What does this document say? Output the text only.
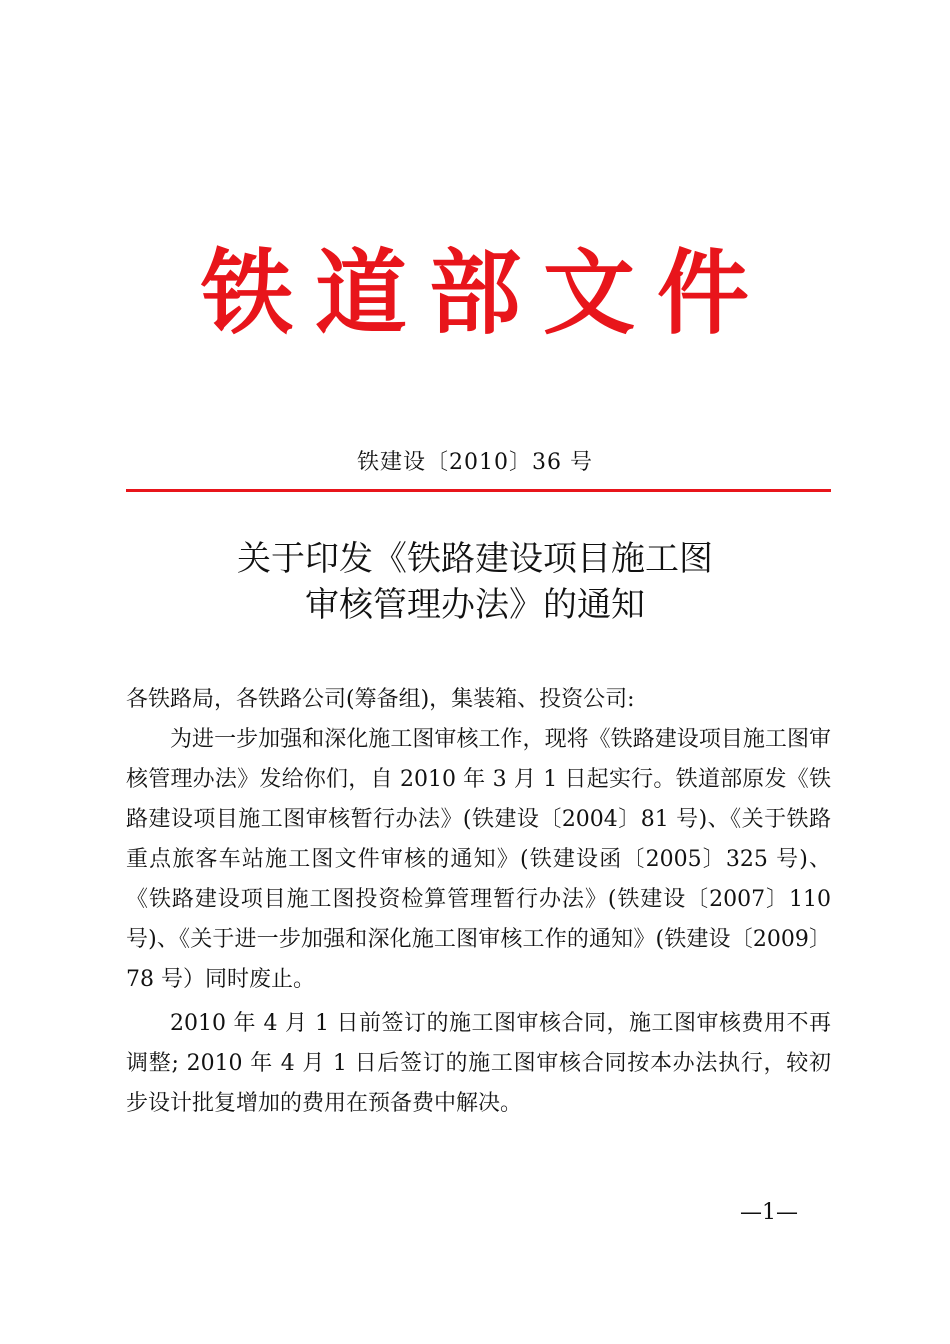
铁道部文件
铁建设〔2010〕36 号
关于印发《铁路建设项目施工图
审核管理办法》的通知

各铁路局，各铁路公司(筹备组)，集装箱、投资公司:

为进一步加强和深化施工图审核工作，现将《铁路建设项目施工图审核管理办法》发给你们，自 2010 年 3 月 1 日起实行。铁道部原发《铁路建设项目施工图审核暂行办法》(铁建设〔2004〕81 号)、《关于铁路重点旅客车站施工图文件审核的通知》(铁建设函〔2005〕325 号)、《铁路建设项目施工图投资检算管理暂行办法》(铁建设〔2007〕110 号)、《关于进一步加强和深化施工图审核工作的通知》(铁建设〔2009〕78 号）同时废止。

2010 年 4 月 1 日前签订的施工图审核合同，施工图审核费用不再调整; 2010 年 4 月 1 日后签订的施工图审核合同按本办法执行，较初步设计批复增加的费用在预备费中解决。

—1—
